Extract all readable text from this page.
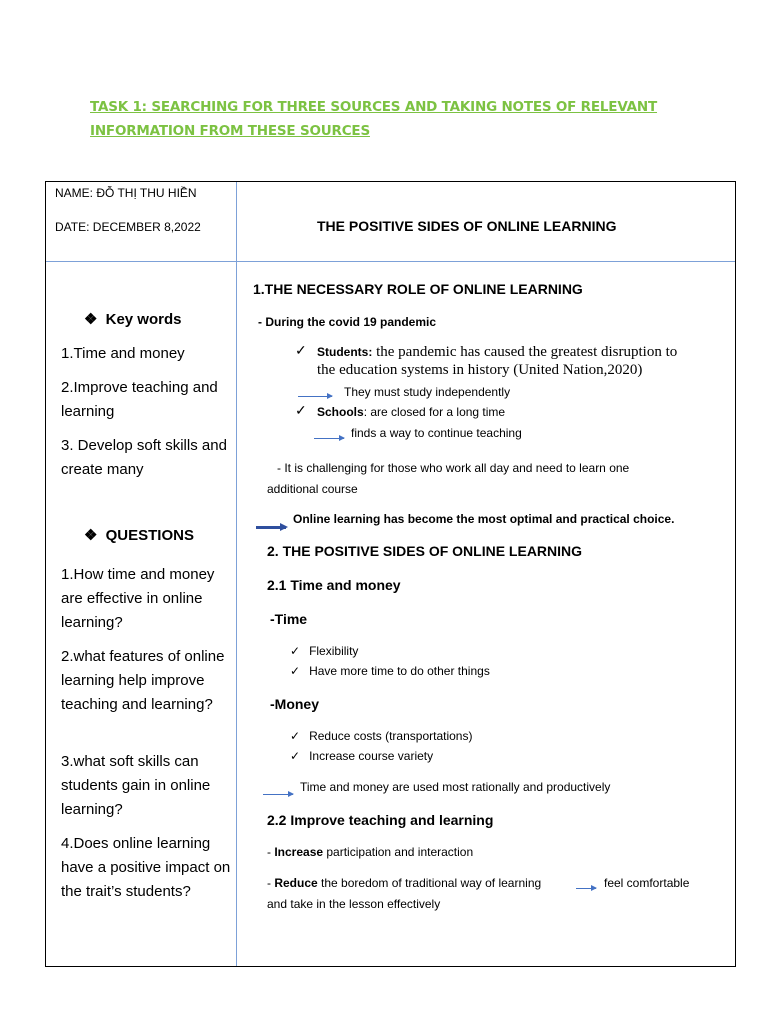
TASK 1: SEARCHING FOR THREE SOURCES AND TAKING NOTES OF RELEVANT
INFORMATION FROM THESE SOURCES
NAME: ĐỖ THỊ THU HIỀN
DATE: DECEMBER 8,2022	THE POSITIVE SIDES OF ONLINE LEARNING
❖ Key words
1.Time and money
2.Improve teaching and learning
3. Develop soft skills and create many
❖ QUESTIONS
1.How time and money are effective in online learning?
2.what features of online learning help improve teaching and learning?
3.what soft skills can students gain in online learning?
4.Does online learning have a positive impact on the trait’s students?
1.THE NECESSARY ROLE OF ONLINE LEARNING
- During the covid 19 pandemic
✓ Students: the pandemic has caused the greatest disruption to
the education systems in history (United Nation,2020)
They must study independently
✓ Schools: are closed for a long time
finds a way to continue teaching
- It is challenging for those who work all day and need to learn one
additional course
Online learning has become the most optimal and practical choice.
2. THE POSITIVE SIDES OF ONLINE LEARNING
2.1 Time and money
-Time
✓ Flexibility
✓ Have more time to do other things
-Money
✓ Reduce costs (transportations)
✓ Increase course variety
Time and money are used most rationally and productively
2.2 Improve teaching and learning
- Increase participation and interaction
- Reduce the boredom of traditional way of learning	feel comfortable
and take in the lesson effectively
